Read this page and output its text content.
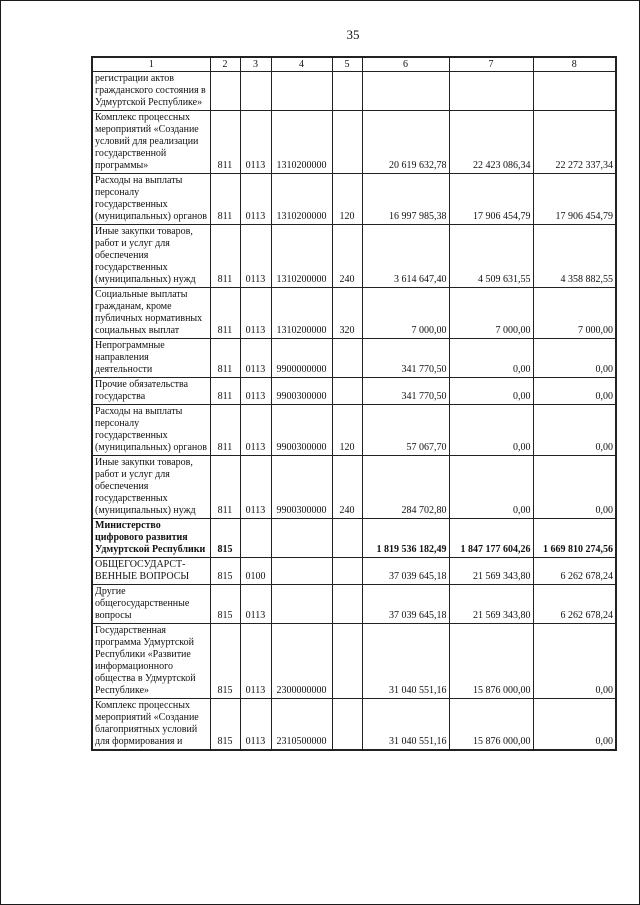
35
1	2	3	4	5	6	7	8
регистрации актов гражданского состояния в Удмуртской Республике»							
Комплекс процессных мероприятий «Создание условий для реализации государственной программы»	811	0113	1310200000		20 619 632,78	22 423 086,34	22 272 337,34
Расходы на выплаты персоналу государственных (муниципальных) органов	811	0113	1310200000	120	16 997 985,38	17 906 454,79	17 906 454,79
Иные закупки товаров, работ и услуг для обеспечения государственных (муниципальных) нужд	811	0113	1310200000	240	3 614 647,40	4 509 631,55	4 358 882,55
Социальные выплаты гражданам, кроме публичных нормативных социальных выплат	811	0113	1310200000	320	7 000,00	7 000,00	7 000,00
Непрограммные направления деятельности	811	0113	9900000000		341 770,50	0,00	0,00
Прочие обязательства государства	811	0113	9900300000		341 770,50	0,00	0,00
Расходы на выплаты персоналу государственных (муниципальных) органов	811	0113	9900300000	120	57 067,70	0,00	0,00
Иные закупки товаров, работ и услуг для обеспечения государственных (муниципальных) нужд	811	0113	9900300000	240	284 702,80	0,00	0,00
Министерство цифрового развития Удмуртской Республики	815				1 819 536 182,49	1 847 177 604,26	1 669 810 274,56
ОБЩЕГОСУДАРСТ-ВЕННЫЕ ВОПРОСЫ	815	0100			37 039 645,18	21 569 343,80	6 262 678,24
Другие общегосударственные вопросы	815	0113			37 039 645,18	21 569 343,80	6 262 678,24
Государственная программа Удмуртской Республики «Развитие информационного общества в Удмуртской Республике»	815	0113	2300000000		31 040 551,16	15 876 000,00	0,00
Комплекс процессных мероприятий «Создание благоприятных условий для формирования и	815	0113	2310500000		31 040 551,16	15 876 000,00	0,00
